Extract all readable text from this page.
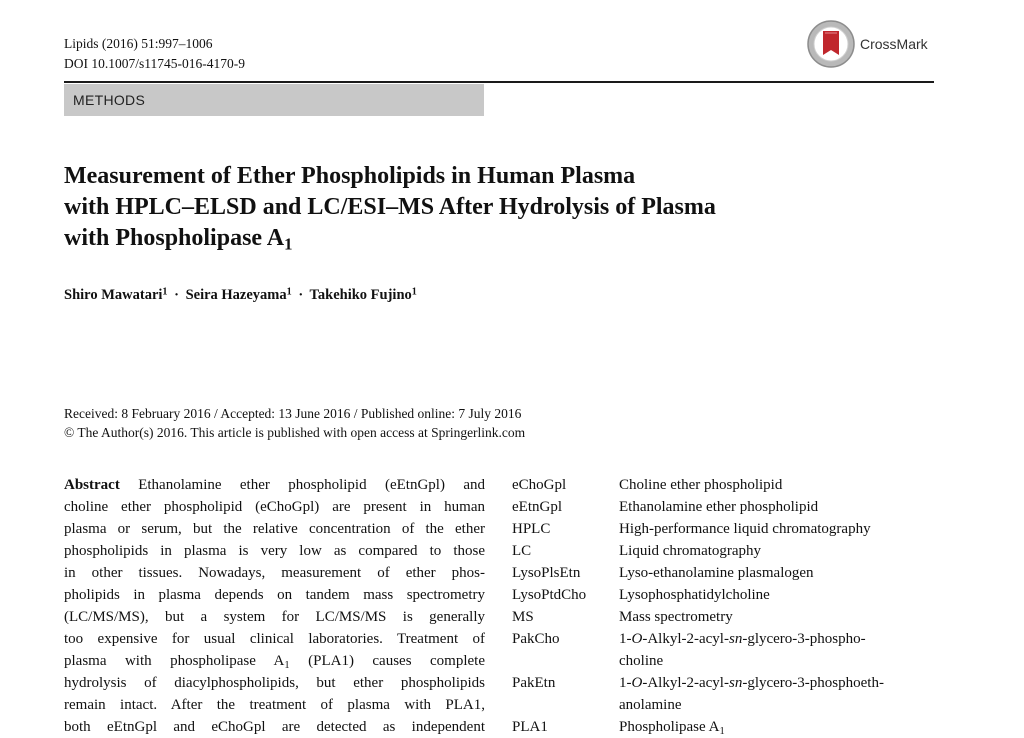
Lipids (2016) 51:997–1006
DOI 10.1007/s11745-016-4170-9
CrossMark
METHODS
Measurement of Ether Phospholipids in Human Plasma
with HPLC–ELSD and LC/ESI–MS After Hydrolysis of Plasma
with Phospholipase $A_1$
Shiro Mawatari$^1$ · Seira Hazeyama$^1$ · Takehiko Fujino$^1$
Received: 8 February 2016 / Accepted: 13 June 2016 / Published online: 7 July 2016
© The Author(s) 2016. This article is published with open access at Springerlink.com
Abstract Ethanolamine ether phospholipid (eEtnGpl) and
choline ether phospholipid (eChoGpl) are present in human
plasma or serum, but the relative concentration of the ether
phospholipids in plasma is very low as compared to those
in other tissues. Nowadays, measurement of ether phos-
pholipids in plasma depends on tandem mass spectrometry
(LC/MS/MS), but a system for LC/MS/MS is generally
too expensive for usual clinical laboratories. Treatment of
plasma with phospholipase $A_1$ (PLA1) causes complete
hydrolysis of diacylphospholipids, but ether phospholipids
remain intact. After the treatment of plasma with PLA1,
both eEtnGpl and eChoGpl are detected as independent
eChoGpl	Choline ether phospholipid
eEtnGpl	Ethanolamine ether phospholipid
HPLC	High-performance liquid chromatography
LC	Liquid chromatography
LysoPlsEtn	Lyso-ethanolamine plasmalogen
LysoPtdCho	Lysophosphatidylcholine
MS	Mass spectrometry
PakCho	1-O-Alkyl-2-acyl-sn-glycero-3-phospho-
choline
PakEtn	1-O-Alkyl-2-acyl-sn-glycero-3-phosphoeth-
anolamine
PLA1	Phospholipase $A_1$
